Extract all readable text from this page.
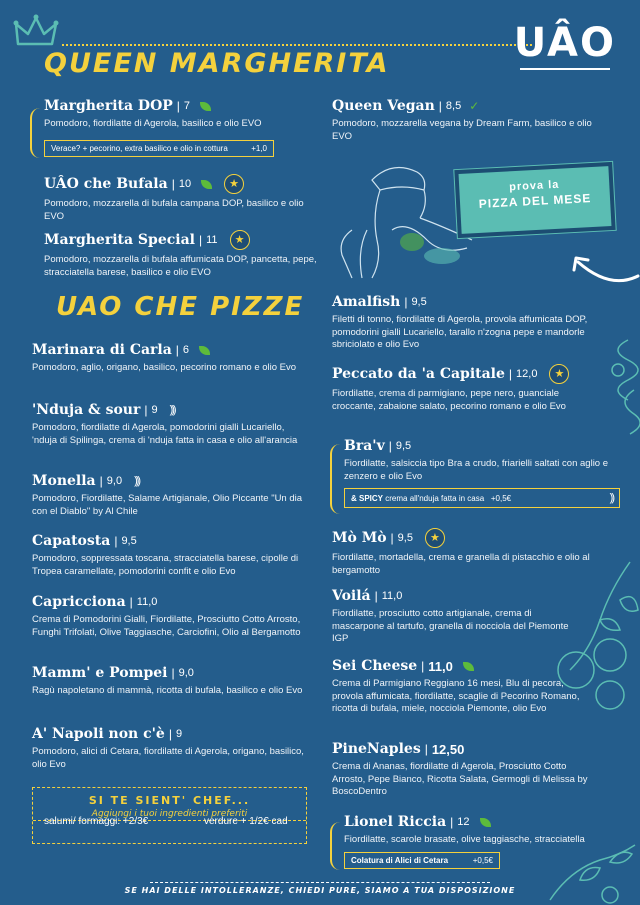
UÂO
QUEEN MARGHERITA
UAO CHE PIZZE
Margherita DOP | 7
Pomodoro, fiordilatte di Agerola, basilico e olio EVO
Verace? + pecorino, extra basilico e olio in cottura	+1,0
UÂO che Bufala | 10	★
Pomodoro, mozzarella di bufala campana DOP, basilico e olio EVO
Margherita Special | 11	★
Pomodoro, mozzarella di bufala affumicata DOP, pancetta, pepe, stracciatella barese, basilico e olio EVO
Queen Vegan | 8,5 ✓
Pomodoro, mozzarella vegana by Dream Farm, basilico e olio EVO
prova la
PIZZA DEL MESE
Marinara di Carla | 6
Pomodoro, aglio, origano, basilico, pecorino romano e olio Evo
'Nduja & sour | 9 )))
Pomodoro, fiordilatte di Agerola, pomodorini gialli Lucariello, 'nduja di Spilinga, crema di 'nduja fatta in casa e olio all'arancia
Monella | 9,0 )))
Pomodoro, Fiordilatte, Salame Artigianale, Olio Piccante "Un dia con el Diablo" by Al Chile
Capatosta | 9,5
Pomodoro, soppressata toscana, stracciatella barese, cipolle di Tropea caramellate, pomodorini confit e olio Evo
Capricciona | 11,0
Crema di Pomodorini Gialli, Fiordilatte, Prosciutto Cotto Arrosto, Funghi Trifolati, Olive Taggiasche, Carciofini, Olio al Bergamotto
Mamm' e Pompei | 9,0
Ragù napoletano di mammà, ricotta di bufala, basilico e olio Evo
A' Napoli non c'è | 9
Pomodoro, alici di Cetara, fiordilatte di Agerola, origano, basilico, olio Evo
SI TE SIENT' CHEF...
Aggiungi i tuoi ingredienti preferiti
salumi/ formaggi: +2/3€	verdure + 1/2€ cad
Amalfish | 9,5
Filetti di tonno, fiordilatte di Agerola, provola affumicata DOP, pomodorini gialli Lucariello, tarallo n'zogna pepe e mandorle sbriciolato e olio Evo
Peccato da 'a Capitale | 12,0	★
Fiordilatte, crema di parmigiano, pepe nero, guanciale croccante, zabaione salato, pecorino romano e olio Evo
Bra'v | 9,5
Fiordilatte, salsiccia tipo Bra a crudo, friarielli saltati con aglio e zenzero e olio Evo
& SPICY crema all'nduja fatta in casa +0,5€	))
Mò Mò | 9,5	★
Fiordilatte, mortadella, crema e granella di pistacchio e olio al bergamotto
Voilá | 11,0
Fiordilatte, prosciutto cotto artigianale, crema di mascarpone al tartufo, granella di nocciola del Piemonte IGP
Sei Cheese | 11,0
Crema di Parmigiano Reggiano 16 mesi, Blu di pecora, provola affumicata, fiordilatte, scaglie di Pecorino Romano, ricotta di bufala, miele, nocciola Piemonte, olio Evo
PineNaples | 12,50
Crema di Ananas, fiordilatte di Agerola, Prosciutto Cotto Arrosto, Pepe Bianco, Ricotta Salata, Germogli di Melissa by BoscoDentro
Lionel Riccia | 12
Fiordilatte, scarole brasate, olive taggiasche, stracciatella
Colatura di Alici di Cetara	+0,5€
SE HAI DELLE INTOLLERANZE, CHIEDI PURE, SIAMO A TUA DISPOSIZIONE
